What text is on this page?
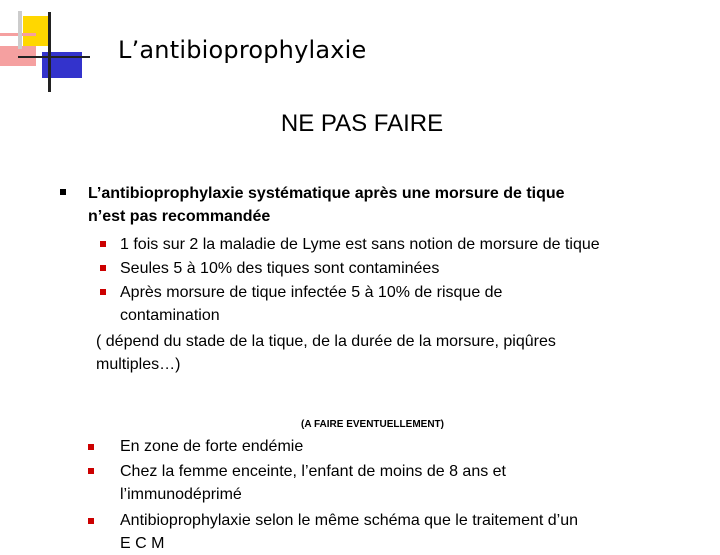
L’antibioprophylaxie
NE PAS FAIRE
L’antibioprophylaxie systématique après une morsure de tique
n’est pas recommandée
1 fois sur 2 la maladie de Lyme est sans notion de morsure de tique
Seules 5 à 10% des tiques sont contaminées
Après morsure de tique infectée 5 à 10% de risque de
contamination
( dépend du stade de la tique, de la durée de la morsure, piqûres
multiples…)
(A FAIRE EVENTUELLEMENT)
En zone de forte endémie
Chez la femme enceinte, l’enfant de moins de 8 ans et
l’immunodéprimé
Antibioprophylaxie selon le même schéma que le traitement d’un
E C M
